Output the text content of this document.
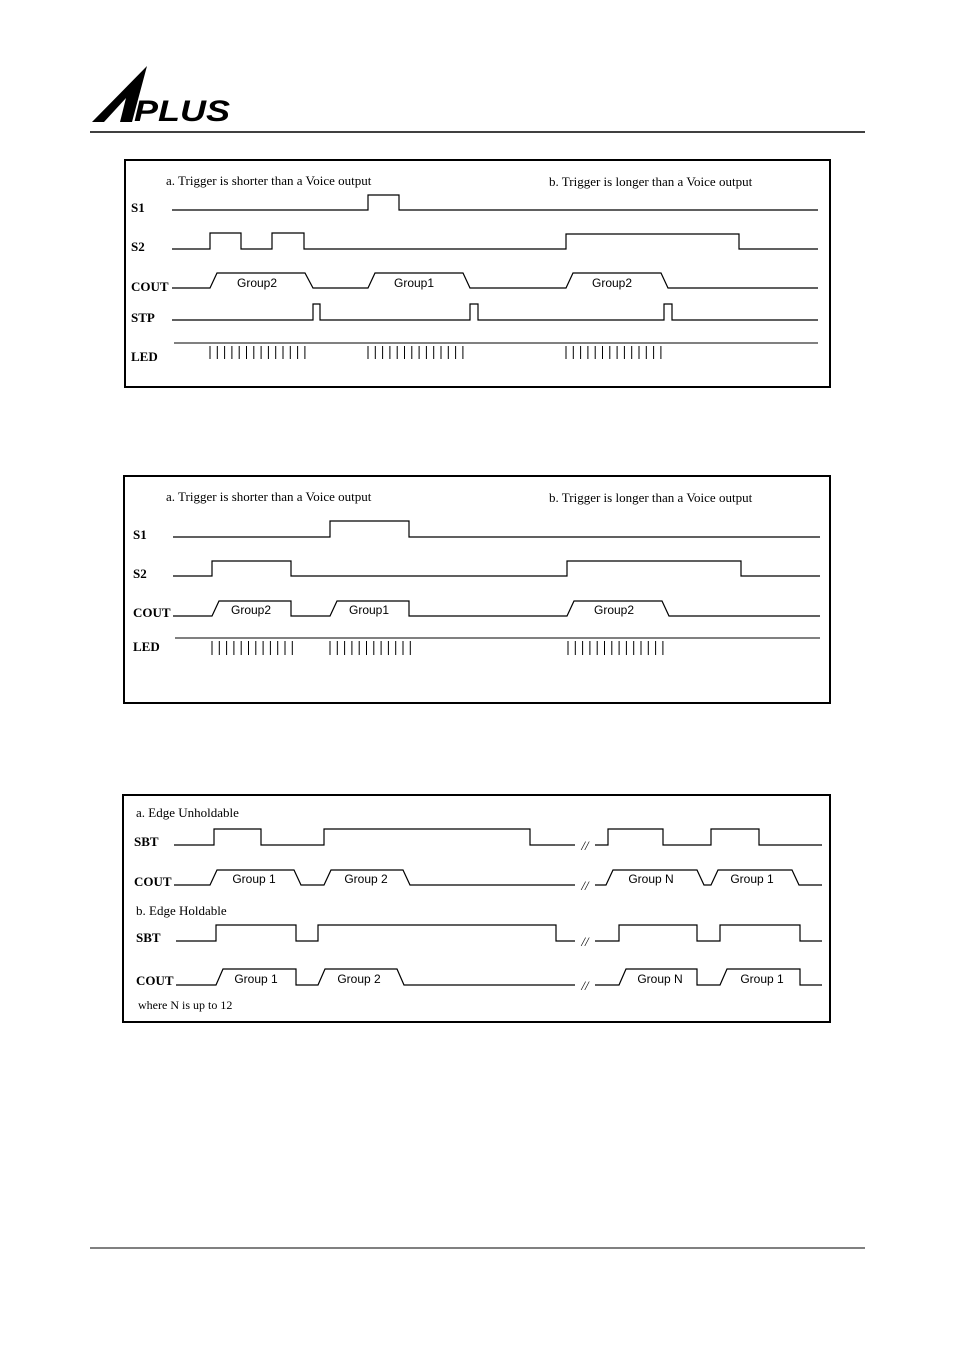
PLUS
a. Trigger is shorter than a Voice output	b. Trigger is longer than a Voice output
S1
S2
COUT	Group2	Group1	Group2
STP
LED
a. Trigger is shorter than a Voice output	b. Trigger is longer than a Voice output
S1
S2
COUT	Group2	Group1	Group2
LED
a. Edge Unholdable
SBT	//
COUT	//
Group 1	Group 2	Group N	Group 1
b. Edge Holdable
SBT	//
COUT	//
Group 1	Group 2	Group N	Group 1
where N is up to 12
